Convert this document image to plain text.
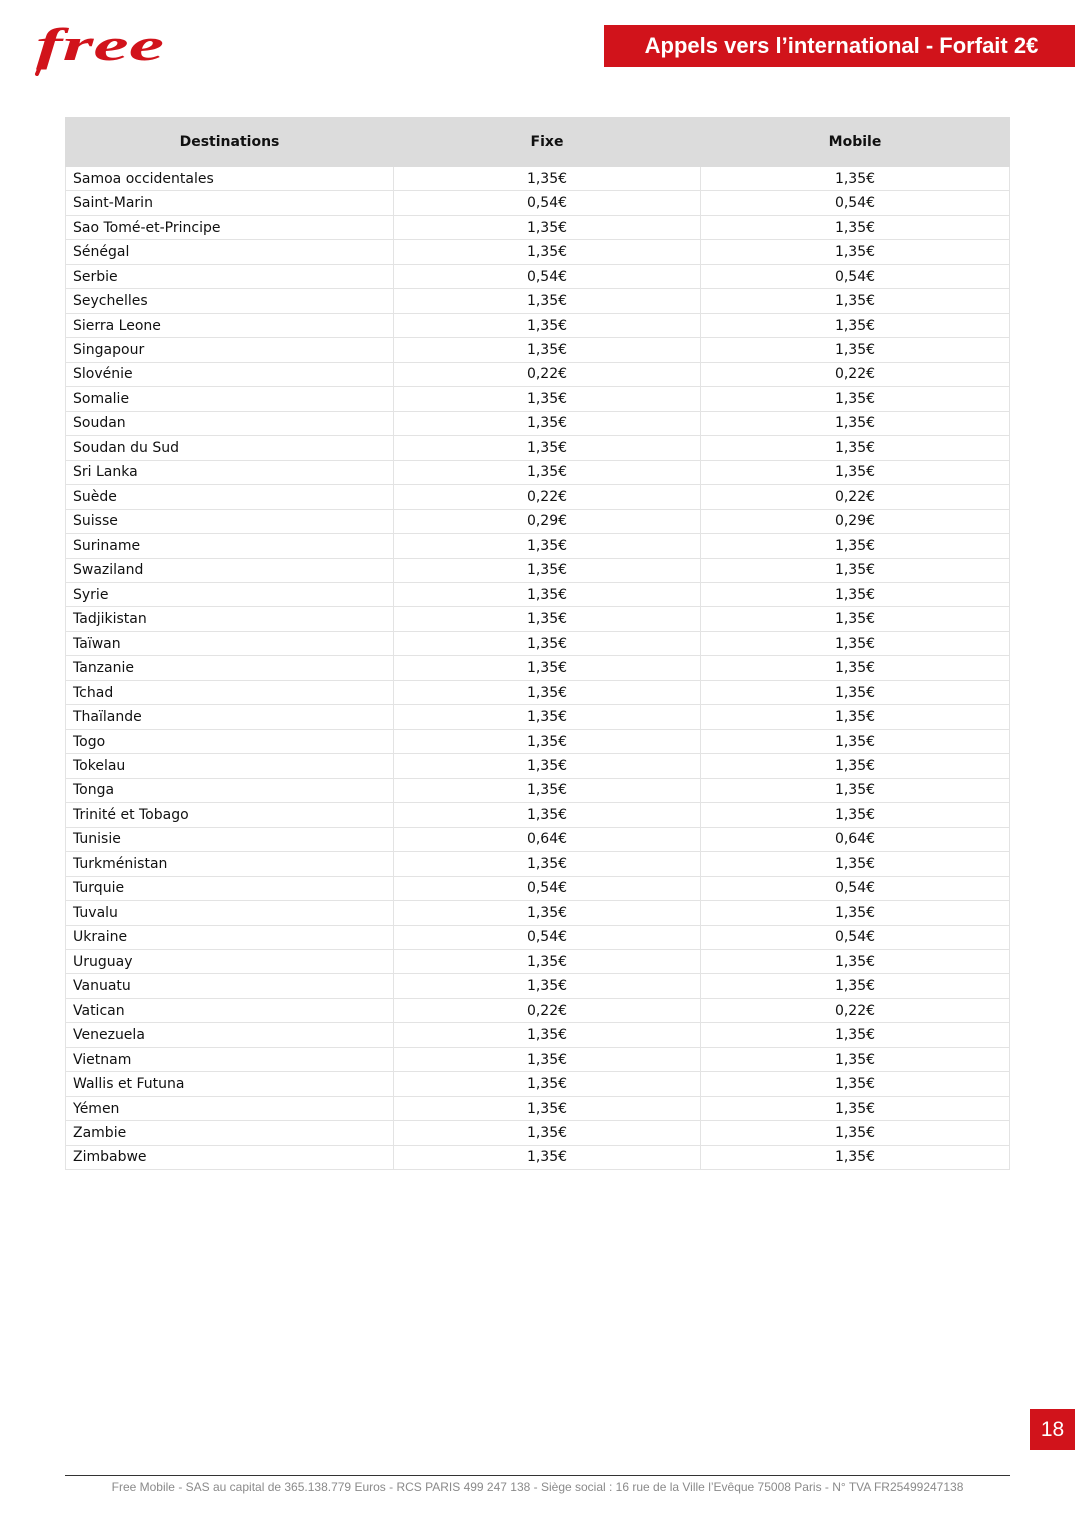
free	Appels vers l’international - Forfait 2€
Destinations	Fixe	Mobile
Samoa occidentales	1,35€	1,35€
Saint-Marin	0,54€	0,54€
Sao Tomé-et-Principe	1,35€	1,35€
Sénégal	1,35€	1,35€
Serbie	0,54€	0,54€
Seychelles	1,35€	1,35€
Sierra Leone	1,35€	1,35€
Singapour	1,35€	1,35€
Slovénie	0,22€	0,22€
Somalie	1,35€	1,35€
Soudan	1,35€	1,35€
Soudan du Sud	1,35€	1,35€
Sri Lanka	1,35€	1,35€
Suède	0,22€	0,22€
Suisse	0,29€	0,29€
Suriname	1,35€	1,35€
Swaziland	1,35€	1,35€
Syrie	1,35€	1,35€
Tadjikistan	1,35€	1,35€
Taïwan	1,35€	1,35€
Tanzanie	1,35€	1,35€
Tchad	1,35€	1,35€
Thaïlande	1,35€	1,35€
Togo	1,35€	1,35€
Tokelau	1,35€	1,35€
Tonga	1,35€	1,35€
Trinité et Tobago	1,35€	1,35€
Tunisie	0,64€	0,64€
Turkménistan	1,35€	1,35€
Turquie	0,54€	0,54€
Tuvalu	1,35€	1,35€
Ukraine	0,54€	0,54€
Uruguay	1,35€	1,35€
Vanuatu	1,35€	1,35€
Vatican	0,22€	0,22€
Venezuela	1,35€	1,35€
Vietnam	1,35€	1,35€
Wallis et Futuna	1,35€	1,35€
Yémen	1,35€	1,35€
Zambie	1,35€	1,35€
Zimbabwe	1,35€	1,35€
18
Free Mobile - SAS au capital de 365.138.779 Euros - RCS PARIS 499 247 138 - Siège social : 16 rue de la Ville l’Evêque 75008 Paris - N° TVA FR25499247138
